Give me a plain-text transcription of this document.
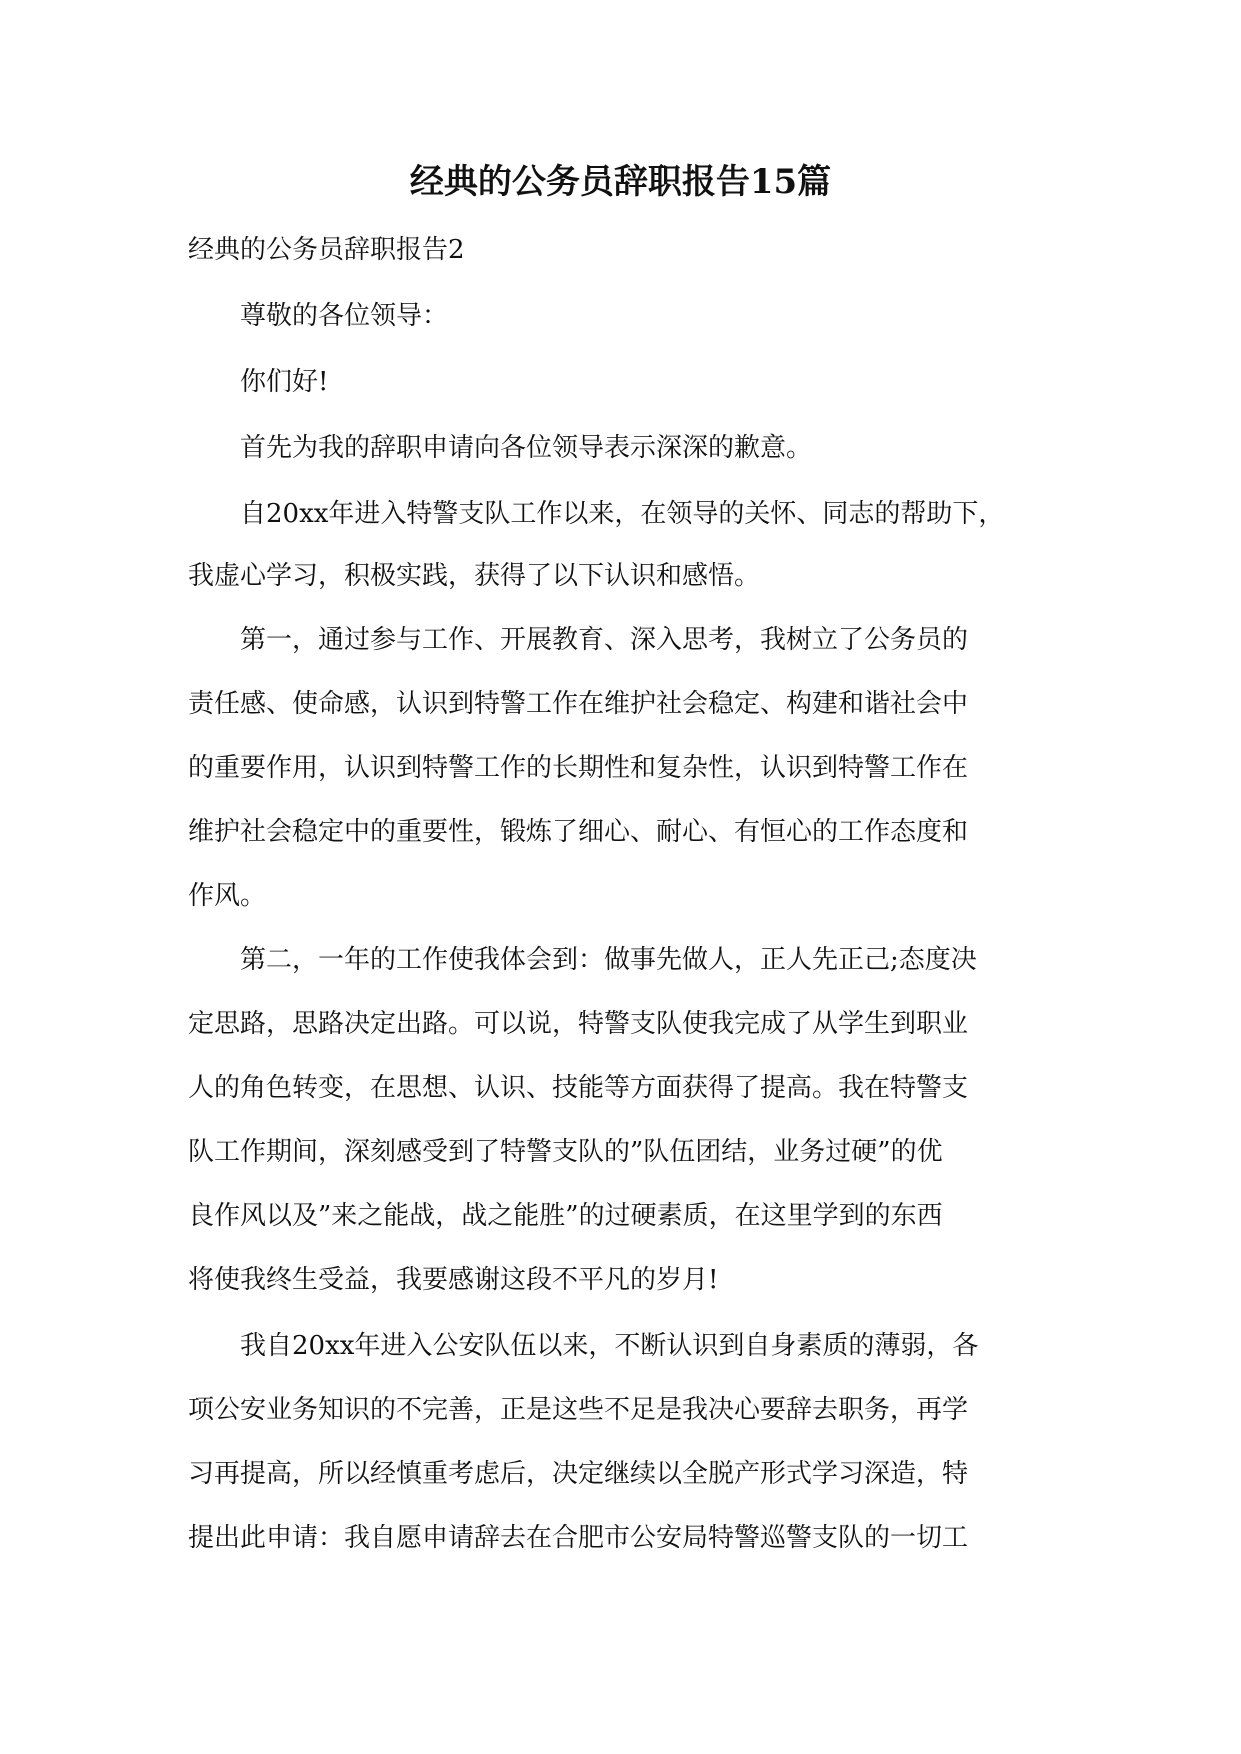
经典的公务员辞职报告15篇
经典的公务员辞职报告2
　　尊敬的各位领导：
　　你们好!
　　首先为我的辞职申请向各位领导表示深深的歉意。
　　自20xx年进入特警支队工作以来，在领导的关怀、同志的帮助下，
我虚心学习，积极实践，获得了以下认识和感悟。
　　第一，通过参与工作、开展教育、深入思考，我树立了公务员的
责任感、使命感，认识到特警工作在维护社会稳定、构建和谐社会中
的重要作用，认识到特警工作的长期性和复杂性，认识到特警工作在
维护社会稳定中的重要性，锻炼了细心、耐心、有恒心的工作态度和
作风。
　　第二，一年的工作使我体会到：做事先做人，正人先正己;态度决
定思路，思路决定出路。可以说，特警支队使我完成了从学生到职业
人的角色转变，在思想、认识、技能等方面获得了提高。我在特警支
队工作期间，深刻感受到了特警支队的”队伍团结，业务过硬”的优
良作风以及”来之能战，战之能胜”的过硬素质，在这里学到的东西
将使我终生受益，我要感谢这段不平凡的岁月!
　　我自20xx年进入公安队伍以来，不断认识到自身素质的薄弱，各
项公安业务知识的不完善，正是这些不足是我决心要辞去职务，再学
习再提高，所以经慎重考虑后，决定继续以全脱产形式学习深造，特
提出此申请：我自愿申请辞去在合肥市公安局特警巡警支队的一切工
